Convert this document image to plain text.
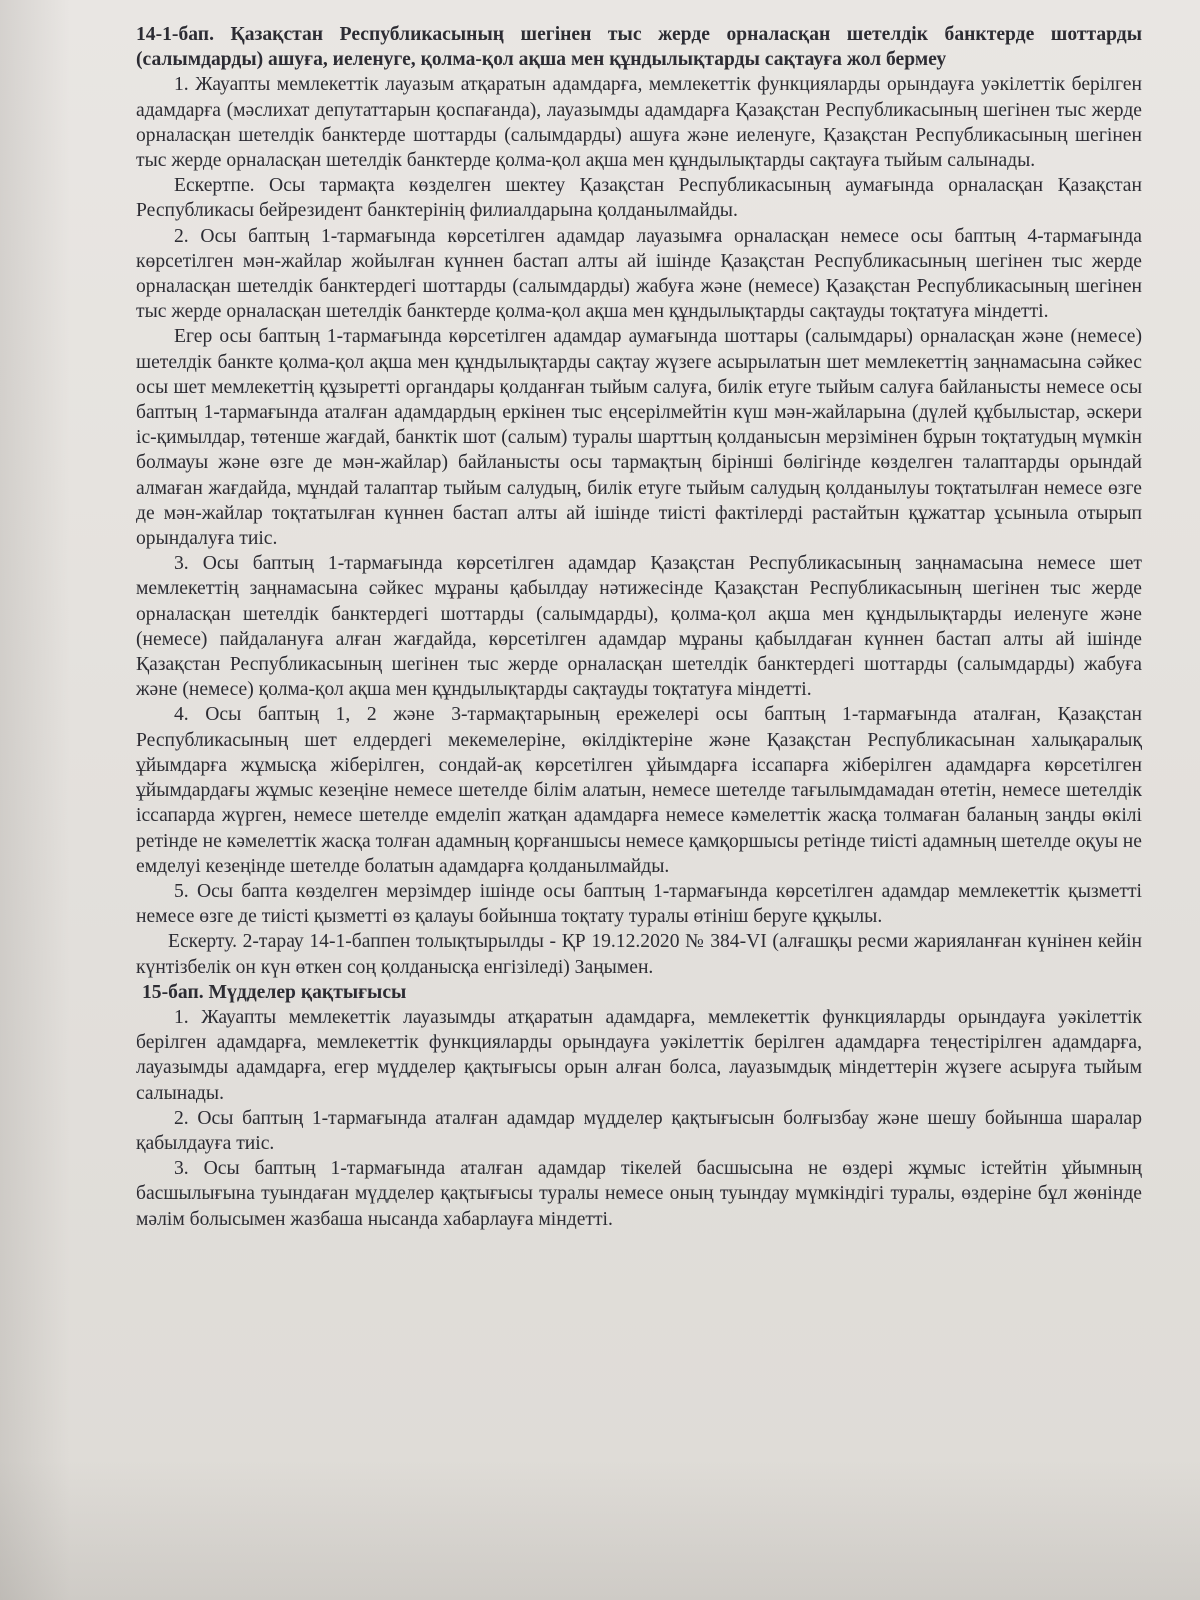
14-1-бап. Қазақстан Республикасының шегінен тыс жерде орналасқан шетелдік банктерде шоттарды (салымдарды) ашуға, иеленуге, қолма-қол ақша мен құндылықтарды сақтауға жол бермеу

1. Жауапты мемлекеттік лауазым атқаратын адамдарға, мемлекеттік функцияларды орындауға уәкілеттік берілген адамдарға (мәслихат депутаттарын қоспағанда), лауазымды адамдарға Қазақстан Республикасының шегінен тыс жерде орналасқан шетелдік банктерде шоттарды (салымдарды) ашуға және иеленуге, Қазақстан Республикасының шегінен тыс жерде орналасқан шетелдік банктерде қолма-қол ақша мен құндылықтарды сақтауға тыйым салынады.

Ескертпе. Осы тармақта көзделген шектеу Қазақстан Республикасының аумағында орналасқан Қазақстан Республикасы бейрезидент банктерінің филиалдарына қолданылмайды.

2. Осы баптың 1-тармағында көрсетілген адамдар лауазымға орналасқан немесе осы баптың 4-тармағында көрсетілген мән-жайлар жойылған күннен бастап алты ай ішінде Қазақстан Республикасының шегінен тыс жерде орналасқан шетелдік банктердегі шоттарды (салымдарды) жабуға және (немесе) Қазақстан Республикасының шегінен тыс жерде орналасқан шетелдік банктерде қолма-қол ақша мен құндылықтарды сақтауды тоқтатуға міндетті.

Егер осы баптың 1-тармағында көрсетілген адамдар аумағында шоттары (салымдары) орналасқан және (немесе) шетелдік банкте қолма-қол ақша мен құндылықтарды сақтау жүзеге асырылатын шет мемлекеттің заңнамасына сәйкес осы шет мемлекеттің құзыретті органдары қолданған тыйым салуға, билік етуге тыйым салуға байланысты немесе осы баптың 1-тармағында аталған адамдардың еркінен тыс еңсерілмейтін күш мән-жайларына (дүлей құбылыстар, әскери іс-қимылдар, төтенше жағдай, банктік шот (салым) туралы шарттың қолданысын мерзімінен бұрын тоқтатудың мүмкін болмауы және өзге де мән-жайлар) байланысты осы тармақтың бірінші бөлігінде көзделген талаптарды орындай алмаған жағдайда, мұндай талаптар тыйым салудың, билік етуге тыйым салудың қолданылуы тоқтатылған немесе өзге де мән-жайлар тоқтатылған күннен бастап алты ай ішінде тиісті фактілерді растайтын құжаттар ұсыныла отырып орындалуға тиіс.

3. Осы баптың 1-тармағында көрсетілген адамдар Қазақстан Республикасының заңнамасына немесе шет мемлекеттің заңнамасына сәйкес мұраны қабылдау нәтижесінде Қазақстан Республикасының шегінен тыс жерде орналасқан шетелдік банктердегі шоттарды (салымдарды), қолма-қол ақша мен құндылықтарды иеленуге және (немесе) пайдалануға алған жағдайда, көрсетілген адамдар мұраны қабылдаған күннен бастап алты ай ішінде Қазақстан Республикасының шегінен тыс жерде орналасқан шетелдік банктердегі шоттарды (салымдарды) жабуға және (немесе) қолма-қол ақша мен құндылықтарды сақтауды тоқтатуға міндетті.

4. Осы баптың 1, 2 және 3-тармақтарының ережелері осы баптың 1-тармағында аталған, Қазақстан Республикасының шет елдердегі мекемелеріне, өкілдіктеріне және Қазақстан Республикасынан халықаралық ұйымдарға жұмысқа жіберілген, сондай-ақ көрсетілген ұйымдарға іссапарға жіберілген адамдарға көрсетілген ұйымдардағы жұмыс кезеңіне немесе шетелде білім алатын, немесе шетелде тағылымдамадан өтетін, немесе шетелдік іссапарда жүрген, немесе шетелде емделіп жатқан адамдарға немесе кәмелеттік жасқа толмаған баланың заңды өкілі ретінде не кәмелеттік жасқа толған адамның қорғаншысы немесе қамқоршысы ретінде тиісті адамның шетелде оқуы не емделуі кезеңінде шетелде болатын адамдарға қолданылмайды.

5. Осы бапта көзделген мерзімдер ішінде осы баптың 1-тармағында көрсетілген адамдар мемлекеттік қызметті немесе өзге де тиісті қызметті өз қалауы бойынша тоқтату туралы өтініш беруге құқылы.

Ескерту. 2-тарау 14-1-баппен толықтырылды - ҚР 19.12.2020 № 384-VI (алғашқы ресми жарияланған күнінен кейін күнтізбелік он күн өткен соң қолданысқа енгізіледі) Заңымен.

15-бап. Мүдделер қақтығысы

1. Жауапты мемлекеттік лауазымды атқаратын адамдарға, мемлекеттік функцияларды орындауға уәкілеттік берілген адамдарға, мемлекеттік функцияларды орындауға уәкілеттік берілген адамдарға теңестірілген адамдарға, лауазымды адамдарға, егер мүдделер қақтығысы орын алған болса, лауазымдық міндеттерін жүзеге асыруға тыйым салынады.

2. Осы баптың 1-тармағында аталған адамдар мүдделер қақтығысын болғызбау және шешу бойынша шаралар қабылдауға тиіс.

3. Осы баптың 1-тармағында аталған адамдар тікелей басшысына не өздері жұмыс істейтін ұйымның басшылығына туындаған мүдделер қақтығысы туралы немесе оның туындау мүмкіндігі туралы, өздеріне бұл жөнінде мәлім болысымен жазбаша нысанда хабарлауға міндетті.
